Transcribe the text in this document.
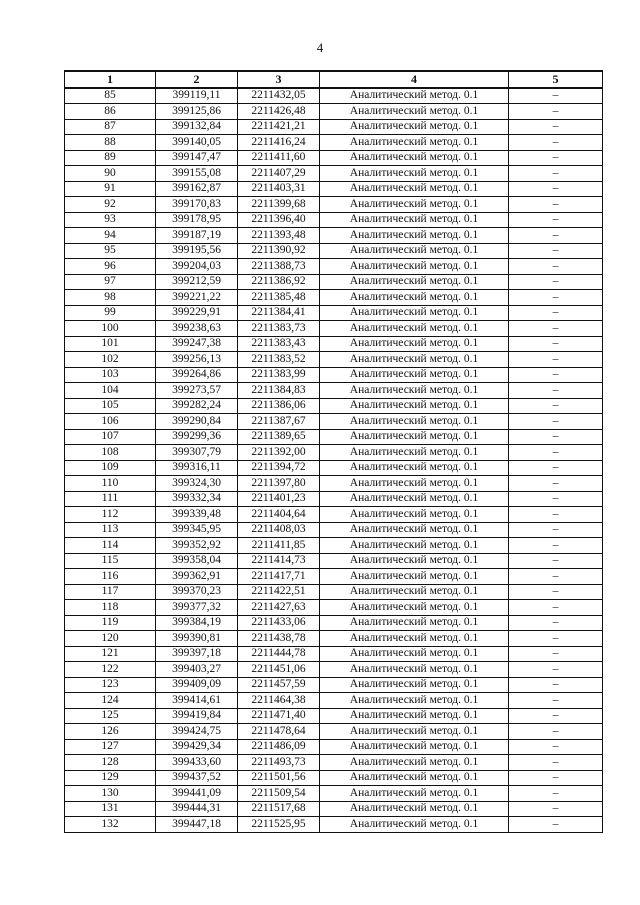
4
1	2	3	4	5
85	399119,11	2211432,05	Аналитический метод. 0.1	–
86	399125,86	2211426,48	Аналитический метод. 0.1	–
87	399132,84	2211421,21	Аналитический метод. 0.1	–
88	399140,05	2211416,24	Аналитический метод. 0.1	–
89	399147,47	2211411,60	Аналитический метод. 0.1	–
90	399155,08	2211407,29	Аналитический метод. 0.1	–
91	399162,87	2211403,31	Аналитический метод. 0.1	–
92	399170,83	2211399,68	Аналитический метод. 0.1	–
93	399178,95	2211396,40	Аналитический метод. 0.1	–
94	399187,19	2211393,48	Аналитический метод. 0.1	–
95	399195,56	2211390,92	Аналитический метод. 0.1	–
96	399204,03	2211388,73	Аналитический метод. 0.1	–
97	399212,59	2211386,92	Аналитический метод. 0.1	–
98	399221,22	2211385,48	Аналитический метод. 0.1	–
99	399229,91	2211384,41	Аналитический метод. 0.1	–
100	399238,63	2211383,73	Аналитический метод. 0.1	–
101	399247,38	2211383,43	Аналитический метод. 0.1	–
102	399256,13	2211383,52	Аналитический метод. 0.1	–
103	399264,86	2211383,99	Аналитический метод. 0.1	–
104	399273,57	2211384,83	Аналитический метод. 0.1	–
105	399282,24	2211386,06	Аналитический метод. 0.1	–
106	399290,84	2211387,67	Аналитический метод. 0.1	–
107	399299,36	2211389,65	Аналитический метод. 0.1	–
108	399307,79	2211392,00	Аналитический метод. 0.1	–
109	399316,11	2211394,72	Аналитический метод. 0.1	–
110	399324,30	2211397,80	Аналитический метод. 0.1	–
111	399332,34	2211401,23	Аналитический метод. 0.1	–
112	399339,48	2211404,64	Аналитический метод. 0.1	–
113	399345,95	2211408,03	Аналитический метод. 0.1	–
114	399352,92	2211411,85	Аналитический метод. 0.1	–
115	399358,04	2211414,73	Аналитический метод. 0.1	–
116	399362,91	2211417,71	Аналитический метод. 0.1	–
117	399370,23	2211422,51	Аналитический метод. 0.1	–
118	399377,32	2211427,63	Аналитический метод. 0.1	–
119	399384,19	2211433,06	Аналитический метод. 0.1	–
120	399390,81	2211438,78	Аналитический метод. 0.1	–
121	399397,18	2211444,78	Аналитический метод. 0.1	–
122	399403,27	2211451,06	Аналитический метод. 0.1	–
123	399409,09	2211457,59	Аналитический метод. 0.1	–
124	399414,61	2211464,38	Аналитический метод. 0.1	–
125	399419,84	2211471,40	Аналитический метод. 0.1	–
126	399424,75	2211478,64	Аналитический метод. 0.1	–
127	399429,34	2211486,09	Аналитический метод. 0.1	–
128	399433,60	2211493,73	Аналитический метод. 0.1	–
129	399437,52	2211501,56	Аналитический метод. 0.1	–
130	399441,09	2211509,54	Аналитический метод. 0.1	–
131	399444,31	2211517,68	Аналитический метод. 0.1	–
132	399447,18	2211525,95	Аналитический метод. 0.1	–
